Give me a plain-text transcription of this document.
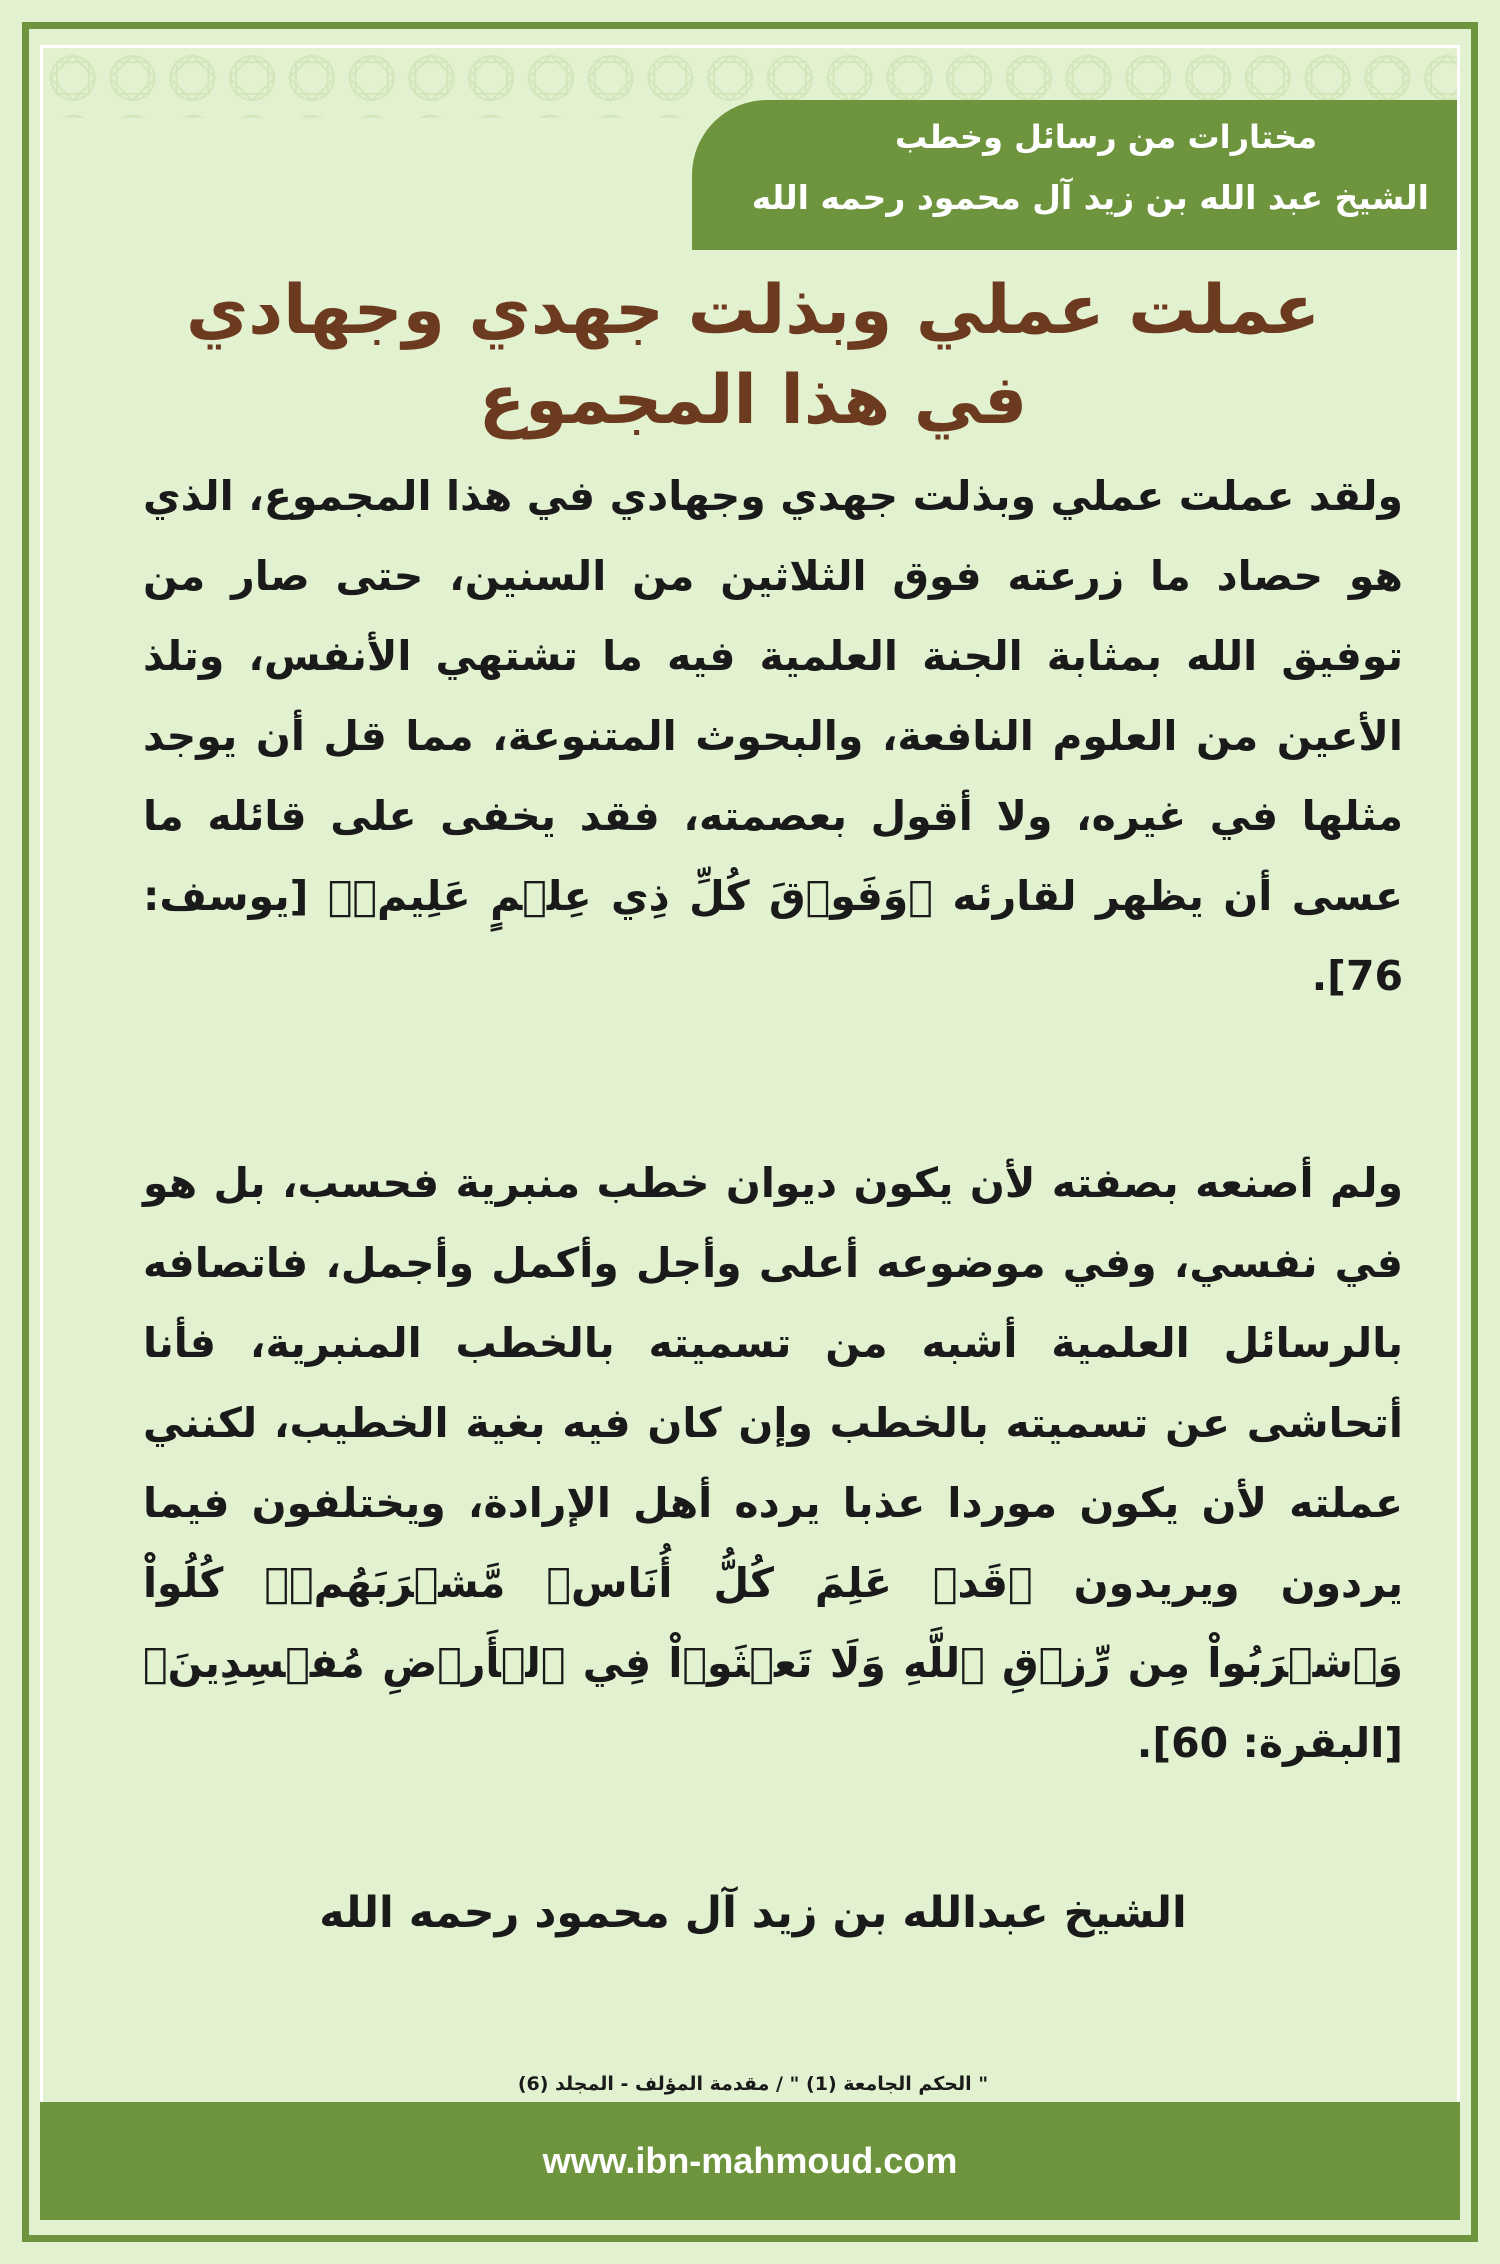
مختارات من رسائل وخطب
الشيخ عبد الله بن زيد آل محمود رحمه الله
عملت عملي وبذلت جهدي وجهادي في هذا المجموع
ولقد عملت عملي وبذلت جهدي وجهادي في هذا المجموع، الذي هو حصاد ما زرعته فوق الثلاثين من السنين، حتى صار من توفيق الله بمثابة الجنة العلمية فيه ما تشتهي الأنفس، وتلذ الأعين من العلوم النافعة، والبحوث المتنوعة، مما قل أن يوجد مثلها في غيره، ولا أقول بعصمته، فقد يخفى على قائله ما عسى أن يظهر لقارئه ﴿وَفَوۡقَ كُلِّ ذِي عِلۡمٍ عَلِيمٞ﴾ [يوسف: 76].
ولم أصنعه بصفته لأن يكون ديوان خطب منبرية فحسب، بل هو في نفسي، وفي موضوعه أعلى وأجل وأكمل وأجمل، فاتصافه بالرسائل العلمية أشبه من تسميته بالخطب المنبرية، فأنا أتحاشى عن تسميته بالخطب وإن كان فيه بغية الخطيب، لكنني عملته لأن يكون موردا عذبا يرده أهل الإرادة، ويختلفون فيما يردون ويريدون ﴿قَدۡ عَلِمَ كُلُّ أُنَاسٖ مَّشۡرَبَهُمۡۖ كُلُواْ وَٱشۡرَبُواْ مِن رِّزۡقِ ٱللَّهِ وَلَا تَعۡثَوۡاْ فِي ٱلۡأَرۡضِ مُفۡسِدِينَ﴾ [البقرة: 60].
الشيخ عبدالله بن زيد آل محمود رحمه الله
" الحكم الجامعة (1) " / مقدمة المؤلف - المجلد (6)
www.ibn-mahmoud.com
